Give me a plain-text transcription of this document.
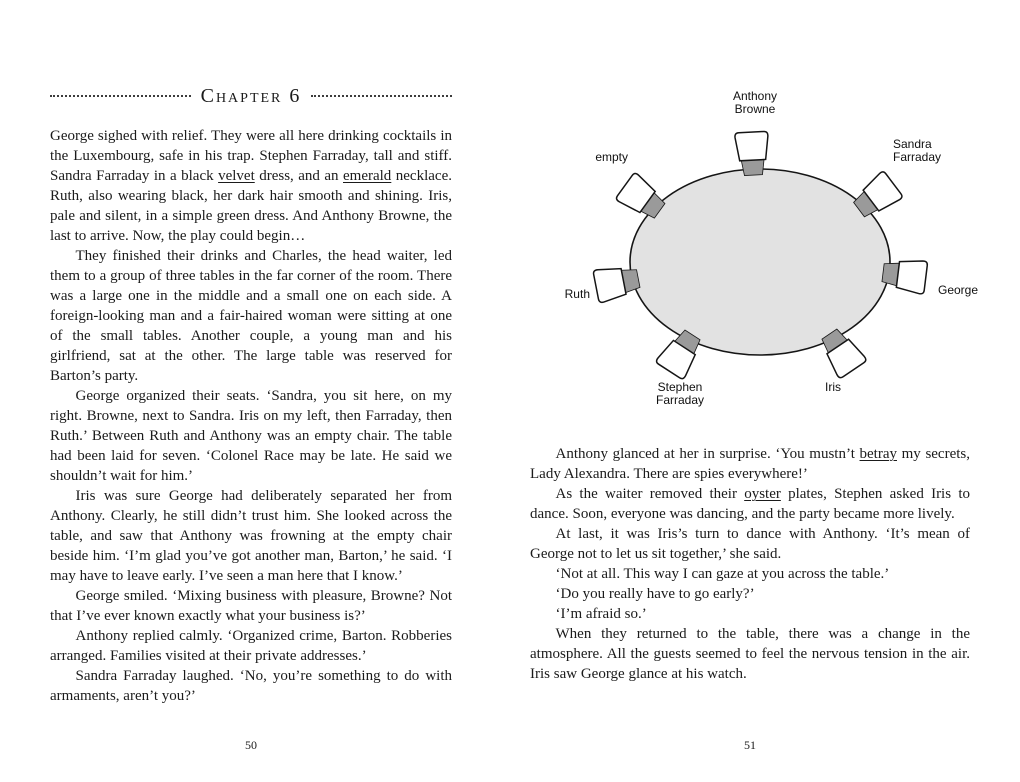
Chapter 6

George sighed with relief. They were all here drinking cocktails in the Luxembourg, safe in his trap. Stephen Farraday, tall and stiff. Sandra Farraday in a black velvet dress, and an emerald necklace. Ruth, also wearing black, her dark hair smooth and shining. Iris, pale and silent, in a simple green dress. And Anthony Browne, the last to arrive. Now, the play could begin…

They finished their drinks and Charles, the head waiter, led them to a group of three tables in the far corner of the room. There was a large one in the middle and a small one on each side. A foreign-looking man and a fair-haired woman were sitting at one of the small tables. Another couple, a young man and his girlfriend, sat at the other. The large table was reserved for Barton’s party.

George organized their seats. ‘Sandra, you sit here, on my right. Browne, next to Sandra. Iris on my left, then Farraday, then Ruth.’ Between Ruth and Anthony was an empty chair. The table had been laid for seven. ‘Colonel Race may be late. He said we shouldn’t wait for him.’

Iris was sure George had deliberately separated her from Anthony. Clearly, he still didn’t trust him. She looked across the table, and saw that Anthony was frowning at the empty chair beside him. ‘I’m glad you’ve got another man, Barton,’ he said. ‘I may have to leave early. I’ve seen a man here that I know.’

George smiled. ‘Mixing business with pleasure, Browne? Not that I’ve ever known exactly what your business is?’

Anthony replied calmly. ‘Organized crime, Barton. Robberies arranged. Families visited at their private addresses.’

Sandra Farraday laughed. ‘No, you’re something to do with armaments, aren’t you?’

50
Anthony
Browne
Sandra
Farraday
George
Iris
Stephen
Farraday
Ruth
empty

Anthony glanced at her in surprise. ‘You mustn’t betray my secrets, Lady Alexandra. There are spies everywhere!’

As the waiter removed their oyster plates, Stephen asked Iris to dance. Soon, everyone was dancing, and the party became more lively.

At last, it was Iris’s turn to dance with Anthony. ‘It’s mean of George not to let us sit together,’ she said.

‘Not at all. This way I can gaze at you across the table.’

‘Do you really have to go early?’

‘I’m afraid so.’

When they returned to the table, there was a change in the atmosphere. All the guests seemed to feel the nervous tension in the air. Iris saw George glance at his watch.

51
